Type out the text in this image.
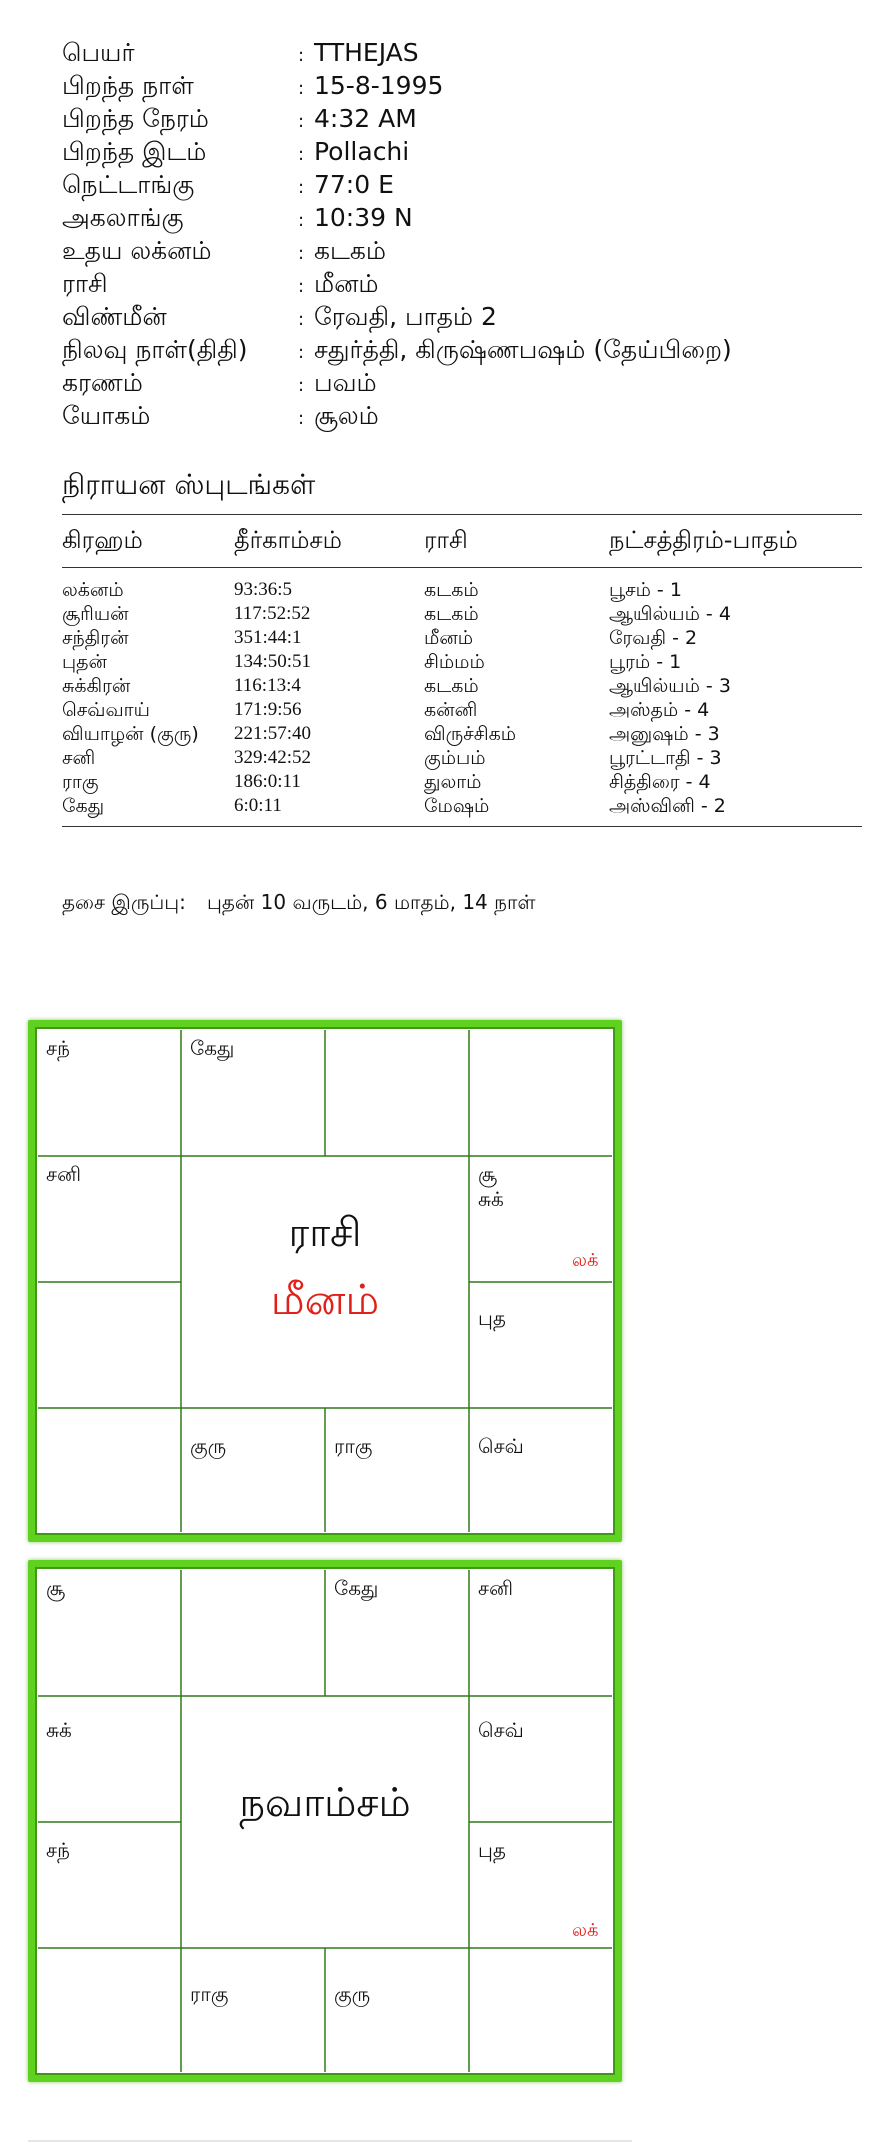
பெயர்	: TTHEJAS
பிறந்த நாள்	: 15-8-1995
பிறந்த நேரம்	: 4:32 AM
பிறந்த இடம்	: Pollachi
நெட்டாங்கு	: 77:0 E
அகலாங்கு	: 10:39 N
உதய லக்னம்	: கடகம்
ராசி	: மீனம்
விண்மீன்	: ரேவதி, பாதம் 2
நிலவு நாள்(திதி)	: சதுர்த்தி, கிருஷ்ணபஷம் (தேய்பிறை)
கரணம்	: பவம்
யோகம்	: சூலம்
நிராயன ஸ்புடங்கள்
கிரஹம்	தீர்காம்சம்	ராசி	நட்சத்திரம்-பாதம்
லக்னம்	93:36:5	கடகம்	பூசம் - 1
சூரியன்	117:52:52	கடகம்	ஆயில்யம் - 4
சந்திரன்	351:44:1	மீனம்	ரேவதி - 2
புதன்	134:50:51	சிம்மம்	பூரம் - 1
சுக்கிரன்	116:13:4	கடகம்	ஆயில்யம் - 3
செவ்வாய்	171:9:56	கன்னி	அஸ்தம் - 4
வியாழன் (குரு)	221:57:40	விருச்சிகம்	அனுஷம் - 3
சனி	329:42:52	கும்பம்	பூரட்டாதி - 3
ராகு	186:0:11	துலாம்	சித்திரை - 4
கேது	6:0:11	மேஷம்	அஸ்வினி - 2
தசை இருப்பு: புதன் 10 வருடம், 6 மாதம், 14 நாள்
சந்	கேது
சனி	சூ
சுக்
லக்
புத
குரு	ராகு	செவ்
ராசி
மீனம்
சூ	கேது	சனி
சுக்	செவ்
சந்	புத
லக்
ராகு	குரு
நவாம்சம்
